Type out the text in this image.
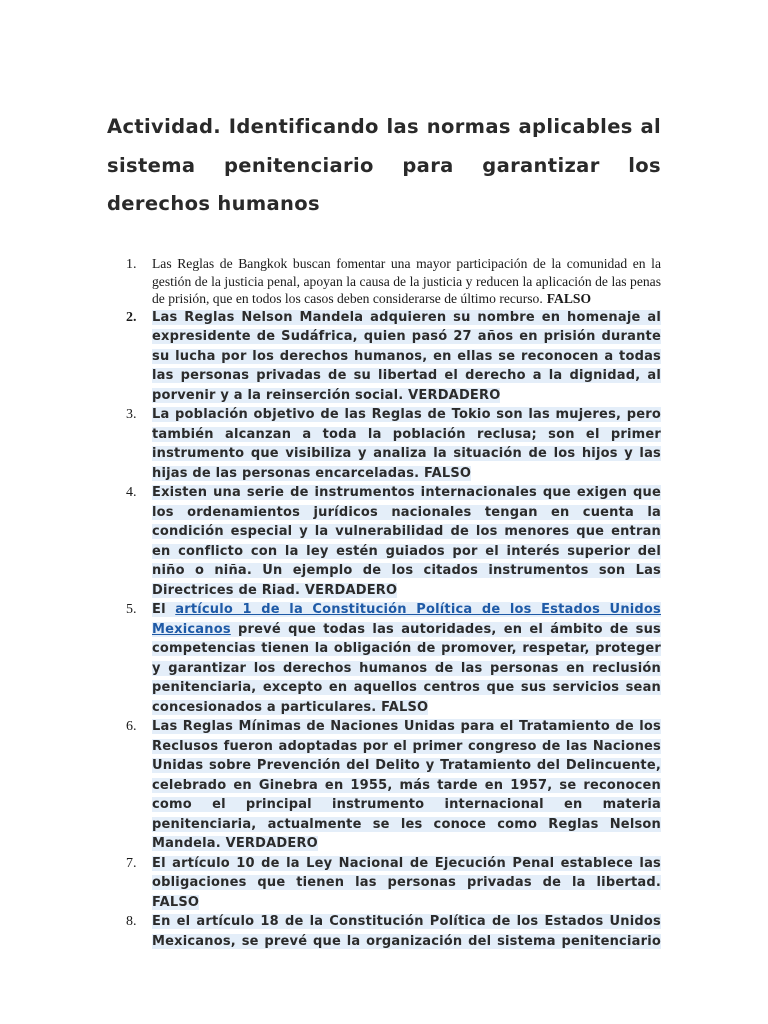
Actividad. Identificando las normas aplicables al sistema penitenciario para garantizar los derechos humanos
1. Las Reglas de Bangkok buscan fomentar una mayor participación de la comunidad en la gestión de la justicia penal, apoyan la causa de la justicia y reducen la aplicación de las penas de prisión, que en todos los casos deben considerarse de último recurso. FALSO
2. Las Reglas Nelson Mandela adquieren su nombre en homenaje al expresidente de Sudáfrica, quien pasó 27 años en prisión durante su lucha por los derechos humanos, en ellas se reconocen a todas las personas privadas de su libertad el derecho a la dignidad, al porvenir y a la reinserción social. VERDADERO
3. La población objetivo de las Reglas de Tokio son las mujeres, pero también alcanzan a toda la población reclusa; son el primer instrumento que visibiliza y analiza la situación de los hijos y las hijas de las personas encarceladas. FALSO
4. Existen una serie de instrumentos internacionales que exigen que los ordenamientos jurídicos nacionales tengan en cuenta la condición especial y la vulnerabilidad de los menores que entran en conflicto con la ley estén guiados por el interés superior del niño o niña. Un ejemplo de los citados instrumentos son Las Directrices de Riad. VERDADERO
5. El artículo 1 de la Constitución Política de los Estados Unidos Mexicanos prevé que todas las autoridades, en el ámbito de sus competencias tienen la obligación de promover, respetar, proteger y garantizar los derechos humanos de las personas en reclusión penitenciaria, excepto en aquellos centros que sus servicios sean concesionados a particulares. FALSO
6. Las Reglas Mínimas de Naciones Unidas para el Tratamiento de los Reclusos fueron adoptadas por el primer congreso de las Naciones Unidas sobre Prevención del Delito y Tratamiento del Delincuente, celebrado en Ginebra en 1955, más tarde en 1957, se reconocen como el principal instrumento internacional en materia penitenciaria, actualmente se les conoce como Reglas Nelson Mandela. VERDADERO
7. El artículo 10 de la Ley Nacional de Ejecución Penal establece las obligaciones que tienen las personas privadas de la libertad. FALSO
8. En el artículo 18 de la Constitución Política de los Estados Unidos Mexicanos, se prevé que la organización del sistema penitenciario
